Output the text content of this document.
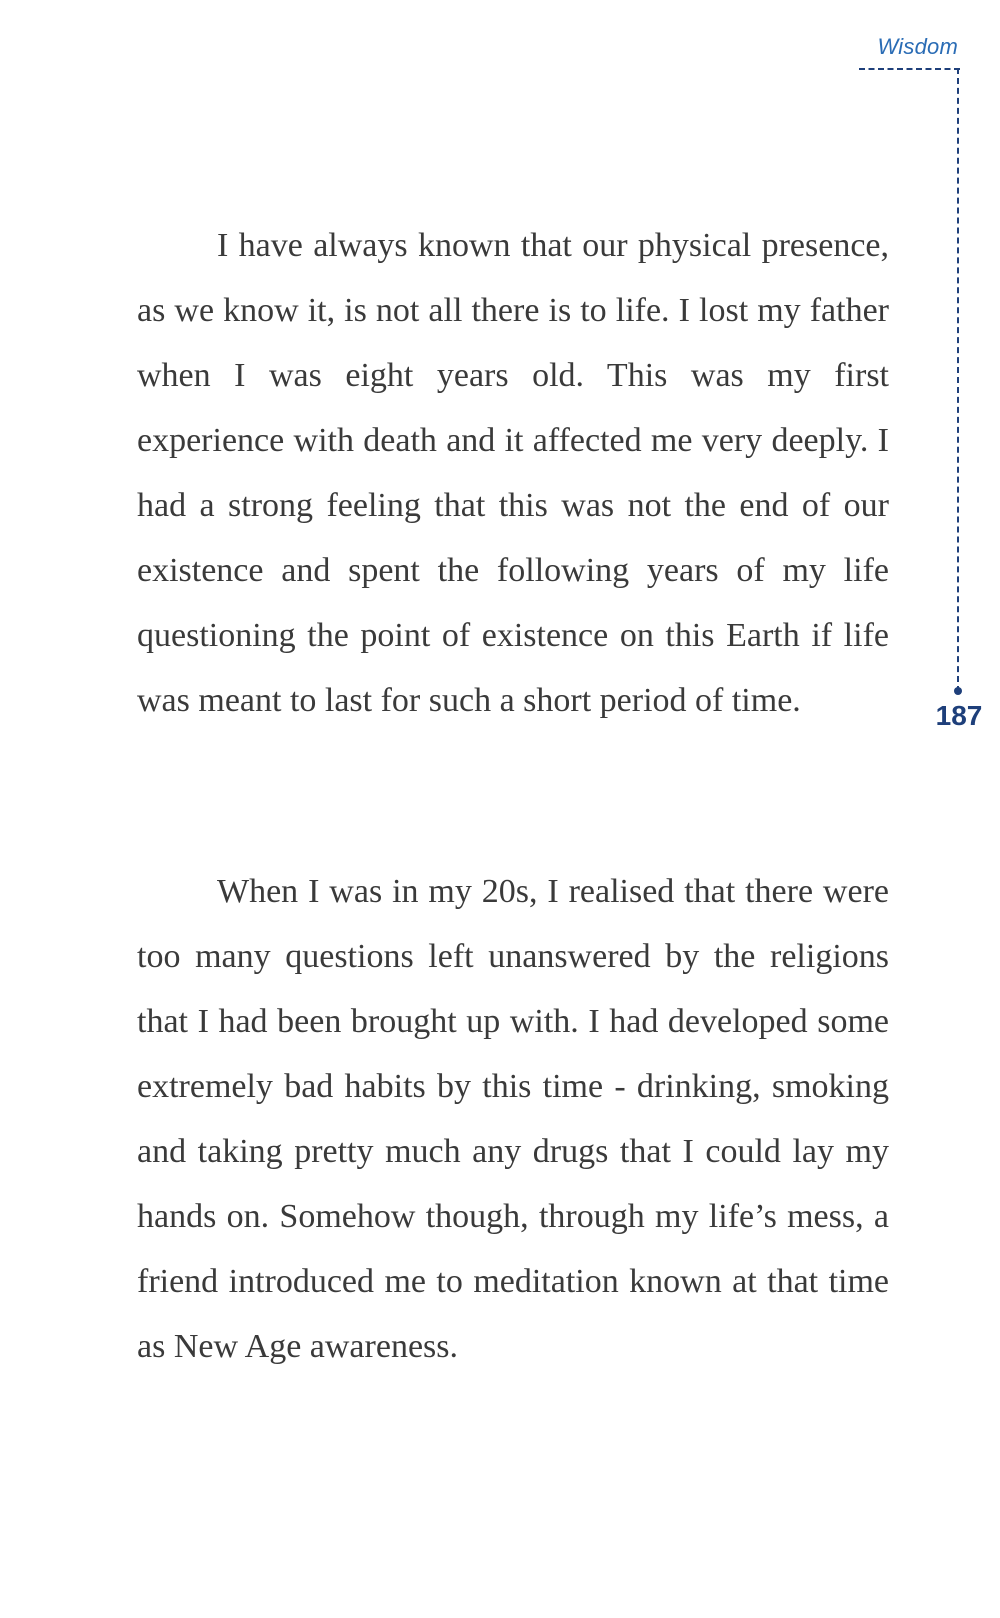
Wisdom
187

I have always known that our physical presence, as we know it, is not all there is to life. I lost my father when I was eight years old. This was my first experience with death and it affected me very deeply. I had a strong feeling that this was not the end of our existence and spent the following years of my life questioning the point of existence on this Earth if life was meant to last for such a short period of time.

When I was in my 20s, I realised that there were too many questions left unanswered by the religions that I had been brought up with. I had developed some extremely bad habits by this time - drinking, smoking and taking pretty much any drugs that I could lay my hands on. Somehow though, through my life’s mess, a friend introduced me to meditation known at that time as New Age awareness.
